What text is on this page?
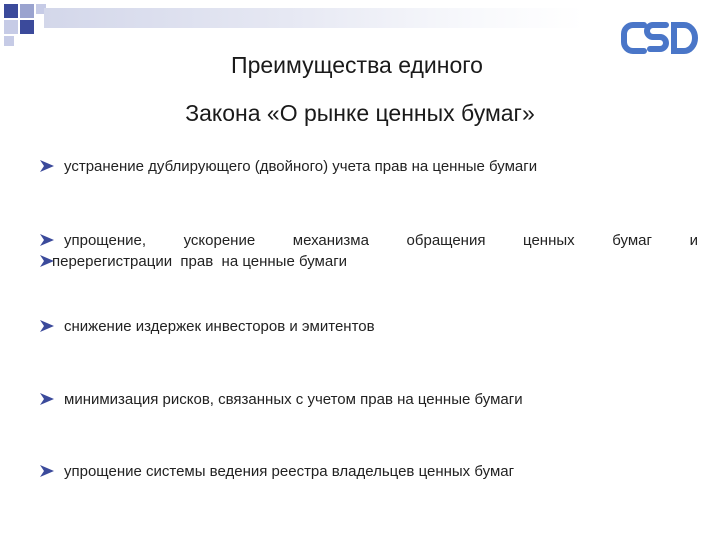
Преимущества единого
Закона «О рынке ценных бумаг»
устранение дублирующего (двойного) учета прав на ценные бумаги
упрощение,	ускорение	механизма	обращения	ценных	бумаг	и
перерегистрации  прав  на ценные бумаги
снижение издержек инвесторов и эмитентов
минимизация рисков, связанных с учетом прав на ценные бумаги
упрощение системы ведения реестра владельцев ценных бумаг
